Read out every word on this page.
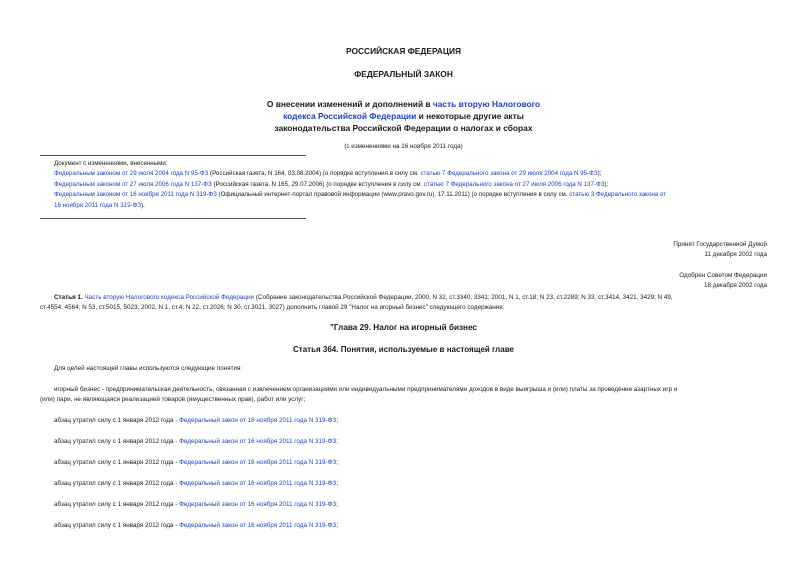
РОССИЙСКАЯ ФЕДЕРАЦИЯ
ФЕДЕРАЛЬНЫЙ ЗАКОН
О внесении изменений и дополнений в часть вторую Налогового
кодекса Российской Федерации и некоторые другие акты
законодательства Российской Федерации о налогах и сборах
(с изменениями на 16 ноября 2011 года)
Документ с изменениями, внесенными:
Федеральным законом от 29 июля 2004 года N 95-ФЗ (Российская газета, N 164, 03.08.2004) (о порядке вступления в силу см. статью 7 Федерального закона от 29 июля 2004 года N 95-ФЗ);
Федеральным законом от 27 июля 2006 года N 137-ФЗ (Российская газета, N 165, 29.07.2006) (о порядке вступления в силу см. статью 7 Федерального закона от 27 июля 2006 года N 137-ФЗ);
Федеральным законом от 16 ноября 2011 года N 319-ФЗ (Официальный интернет-портал правовой информации (www.pravo.gov.ru), 17.11.2011) (о порядке вступления в силу см. статью 3 Федерального закона от
16 ноября 2011 года N 319-ФЗ).
Принят Государственной Думой
11 декабря 2002 года
Одобрен Советом Федерации
18 декабря 2002 года
Статья 1. Часть вторую Налогового кодекса Российской Федерации (Собрание законодательства Российской Федерации, 2000, N 32, ст.3340, 3341; 2001, N 1, ст.18; N 23, ст.2289; N 33, ст.3414, 3421, 3429; N 49,
ст.4554, 4564; N 53, ст.5015, 5023; 2002, N 1, ст.4; N 22, ст.2026; N 30, ст.3021, 3027) дополнить главой 29 "Налог на игорный бизнес" следующего содержания:
"Глава 29. Налог на игорный бизнес
Статья 364. Понятия, используемые в настоящей главе
Для целей настоящей главы используются следующие понятия:
игорный бизнес - предпринимательская деятельность, связанная с извлечением организациями или индивидуальными предпринимателями доходов в виде выигрыша и (или) платы за проведение азартных игр и
(или) пари, не являющаяся реализацией товаров (имущественных прав), работ или услуг;
абзац утратил силу с 1 января 2012 года - Федеральный закон от 16 ноября 2011 года N 319-ФЗ;
абзац утратил силу с 1 января 2012 года - Федеральный закон от 16 ноября 2011 года N 319-ФЗ;
абзац утратил силу с 1 января 2012 года - Федеральный закон от 16 ноября 2011 года N 319-ФЗ;
абзац утратил силу с 1 января 2012 года - Федеральный закон от 16 ноября 2011 года N 319-ФЗ;
абзац утратил силу с 1 января 2012 года - Федеральный закон от 16 ноября 2011 года N 319-ФЗ;
абзац утратил силу с 1 января 2012 года - Федеральный закон от 16 ноября 2011 года N 319-ФЗ;
